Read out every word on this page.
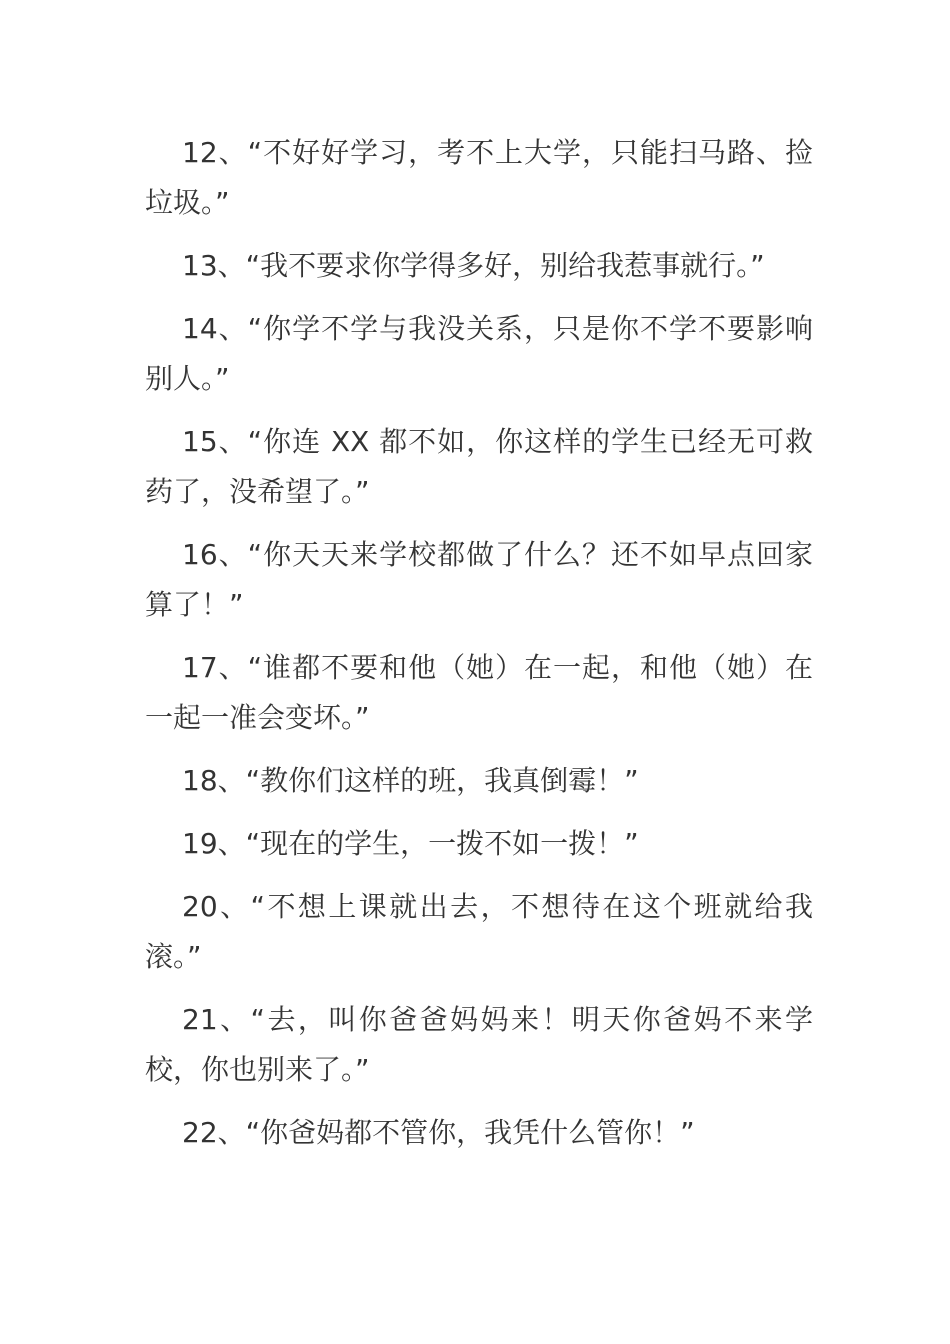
12、“不好好学习，考不上大学，只能扫马路、捡垃圾。”

13、“我不要求你学得多好，别给我惹事就行。”

14、“你学不学与我没关系，只是你不学不要影响别人。”

15、“你连 XX 都不如，你这样的学生已经无可救药了，没希望了。”

16、“你天天来学校都做了什么？还不如早点回家算了！”

17、“谁都不要和他（她）在一起，和他（她）在一起一准会变坏。”

18、“教你们这样的班，我真倒霉！”

19、“现在的学生，一拨不如一拨！”

20、“不想上课就出去，不想待在这个班就给我滚。”

21、“去，叫你爸爸妈妈来！明天你爸妈不来学校，你也别来了。”

22、“你爸妈都不管你，我凭什么管你！”
